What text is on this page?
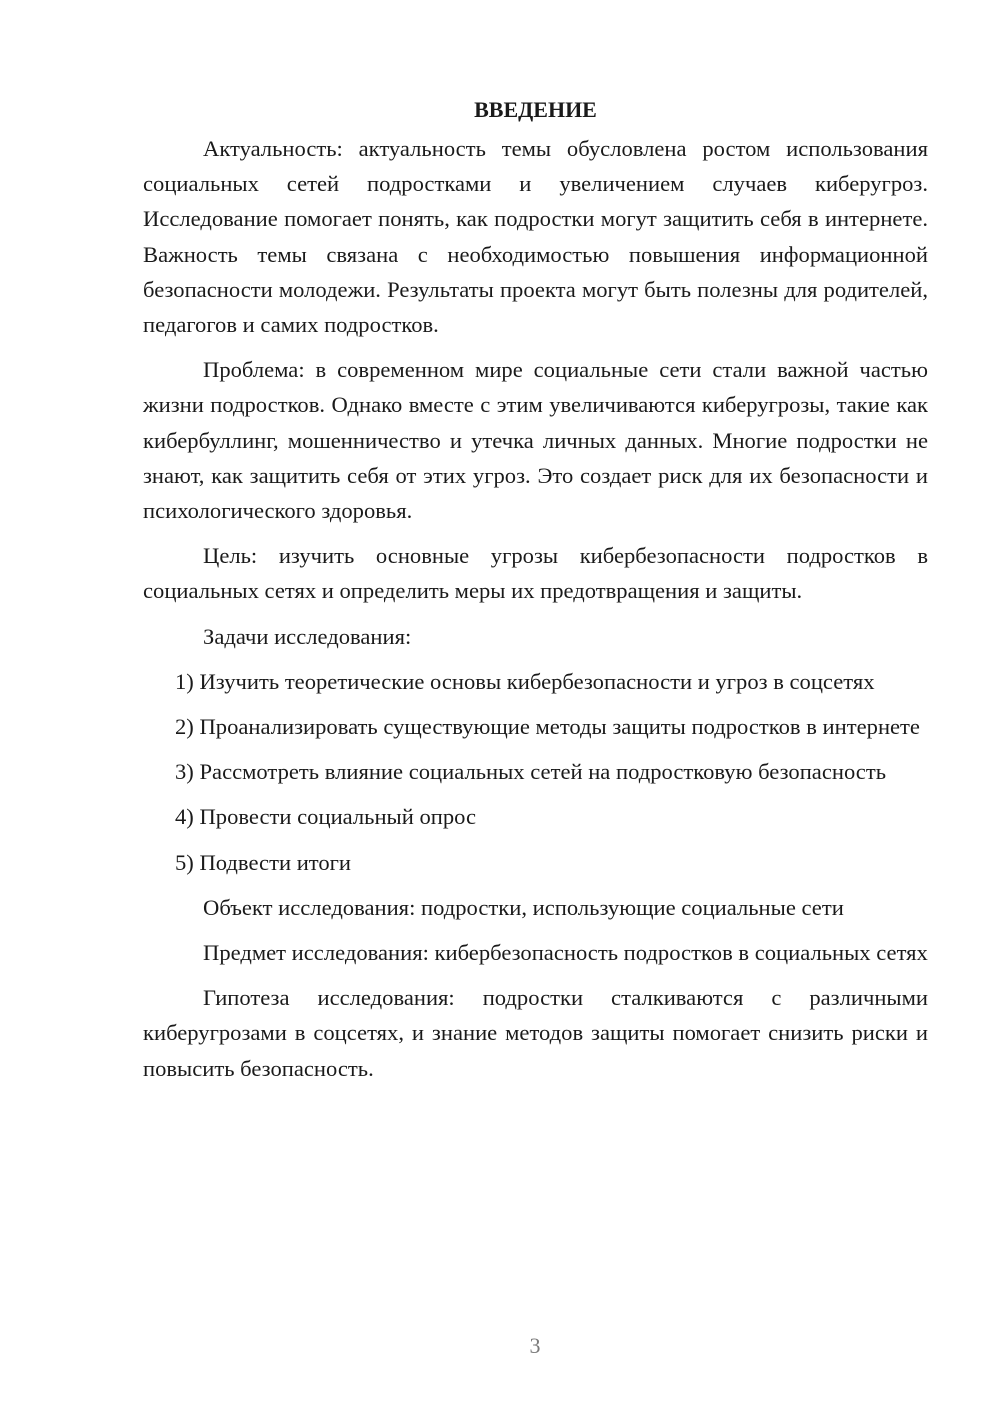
ВВЕДЕНИЕ

Актуальность: актуальность темы обусловлена ростом использования социальных сетей подростками и увеличением случаев киберугроз. Исследование помогает понять, как подростки могут защитить себя в интернете. Важность темы связана с необходимостью повышения информационной безопасности молодежи. Результаты проекта могут быть полезны для родителей, педагогов и самих подростков.

Проблема: в современном мире социальные сети стали важной частью жизни подростков. Однако вместе с этим увеличиваются киберугрозы, такие как кибербуллинг, мошенничество и утечка личных данных. Многие подростки не знают, как защитить себя от этих угроз. Это создает риск для их безопасности и психологического здоровья.

Цель: изучить основные угрозы кибербезопасности подростков в социальных сетях и определить меры их предотвращения и защиты.

Задачи исследования:

1) Изучить теоретические основы кибербезопасности и угроз в соцсетях

2) Проанализировать существующие методы защиты подростков в интернете

3) Рассмотреть влияние социальных сетей на подростковую безопасность

4) Провести социальный опрос

5) Подвести итоги

Объект исследования: подростки, использующие социальные сети

Предмет исследования: кибербезопасность подростков в социальных сетях

Гипотеза исследования: подростки сталкиваются с различными киберугрозами в соцсетях, и знание методов защиты помогает снизить риски и повысить безопасность.

3
